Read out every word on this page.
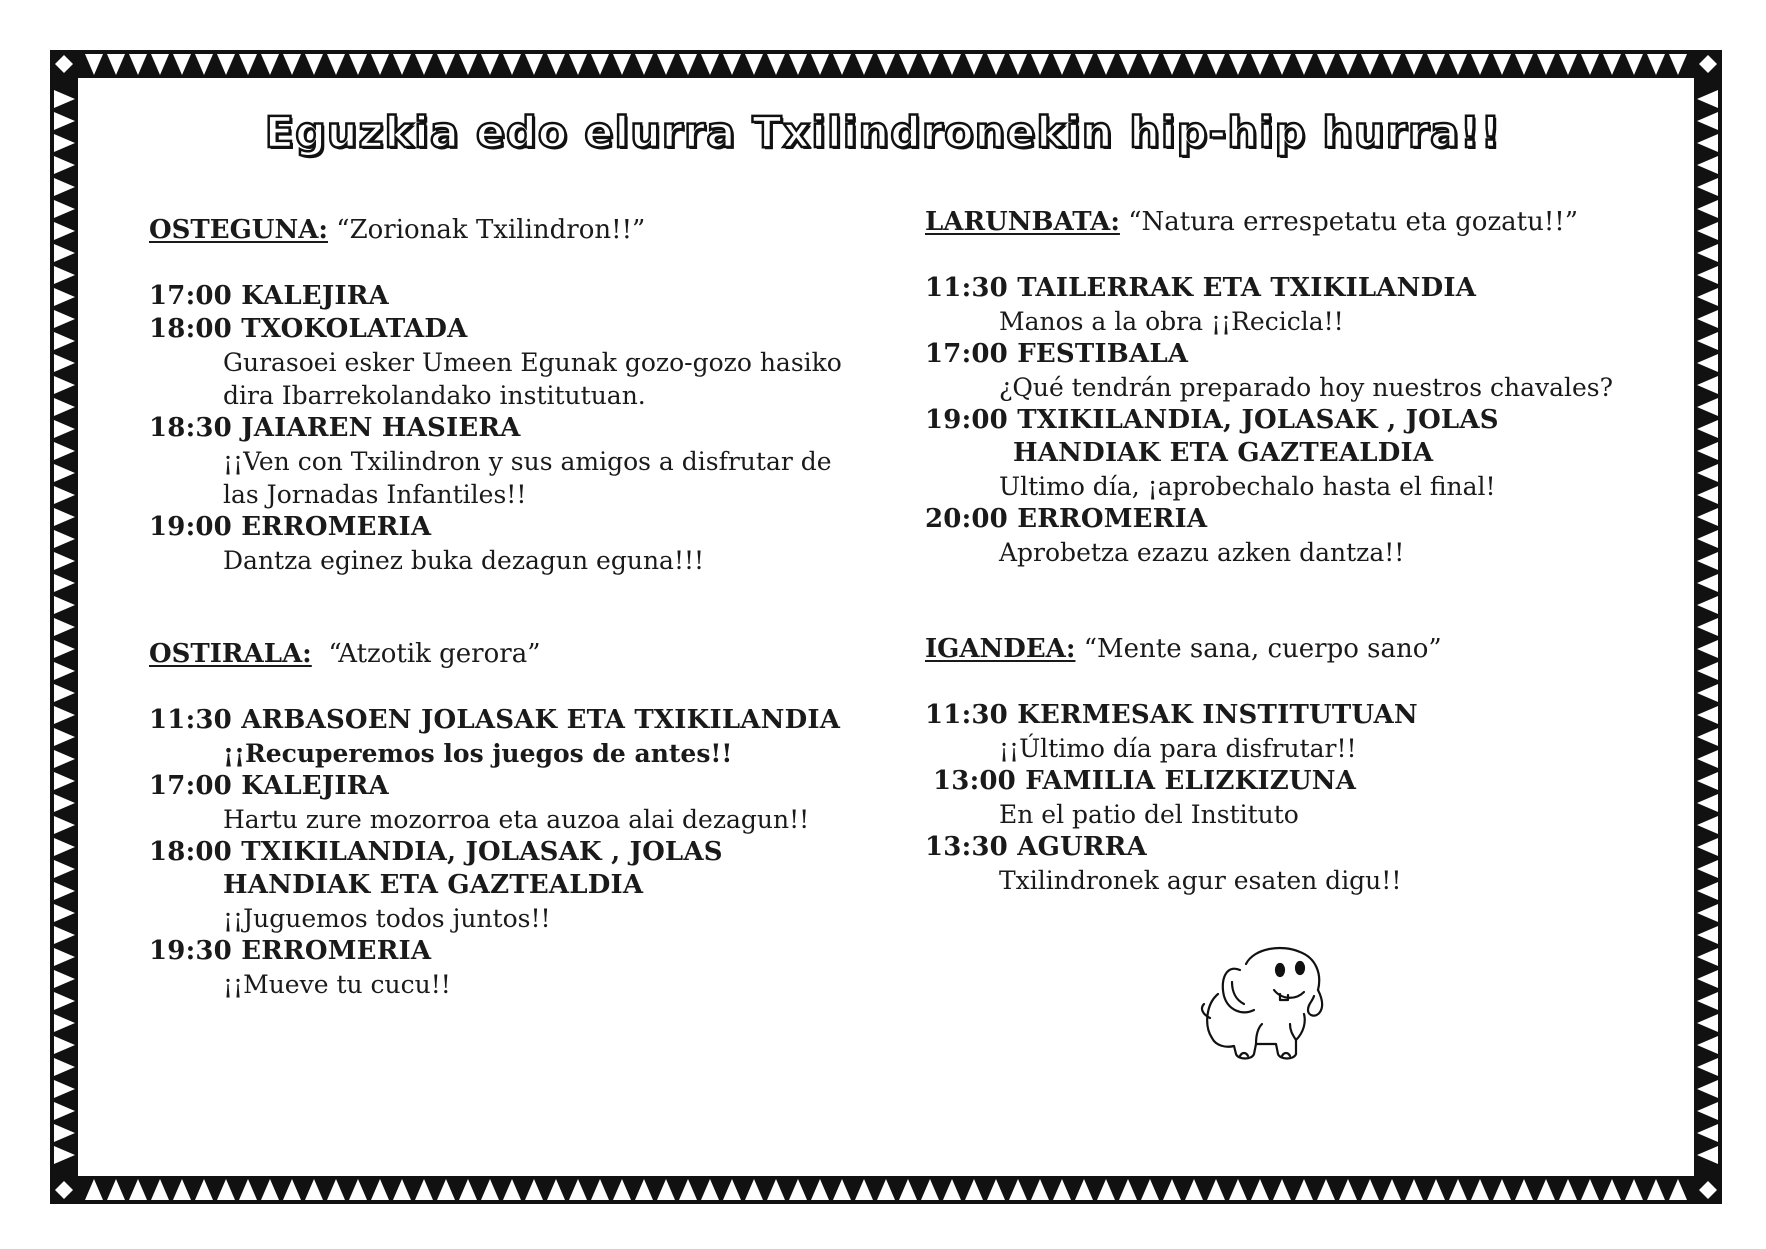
Eguzkia edo elurra Txilindronekin hip-hip hurra!!
OSTEGUNA: “Zorionak Txilindron!!”
17:00 KALEJIRA
18:00 TXOKOLATADA
Gurasoei esker Umeen Egunak gozo-gozo hasiko dira Ibarrekolandako institutuan.
18:30 JAIAREN HASIERA
¡¡Ven con Txilindron y sus amigos a disfrutar de las Jornadas Infantiles!!
19:00 ERROMERIA
Dantza eginez buka dezagun eguna!!!
OSTIRALA: “Atzotik gerora”
11:30 ARBASOEN JOLASAK ETA TXIKILANDIA
¡¡Recuperemos los juegos de antes!!
17:00 KALEJIRA
Hartu zure mozorroa eta auzoa alai dezagun!!
18:00 TXIKILANDIA, JOLASAK , JOLAS
HANDIAK ETA GAZTEALDIA
¡¡Juguemos todos juntos!!
19:30 ERROMERIA
¡¡Mueve tu cucu!!
LARUNBATA: “Natura errespetatu eta gozatu!!”
11:30 TAILERRAK ETA TXIKILANDIA
Manos a la obra ¡¡Recicla!!
17:00 FESTIBALA
¿Qué tendrán preparado hoy nuestros chavales?
19:00 TXIKILANDIA, JOLASAK , JOLAS
HANDIAK ETA GAZTEALDIA
Ultimo día, ¡aprobechalo hasta el final!
20:00 ERROMERIA
Aprobetza ezazu azken dantza!!
IGANDEA: “Mente sana, cuerpo sano”
11:30 KERMESAK INSTITUTUAN
¡¡Último día para disfrutar!!
13:00 FAMILIA ELIZKIZUNA
En el patio del Instituto
13:30 AGURRA
Txilindronek agur esaten digu!!
